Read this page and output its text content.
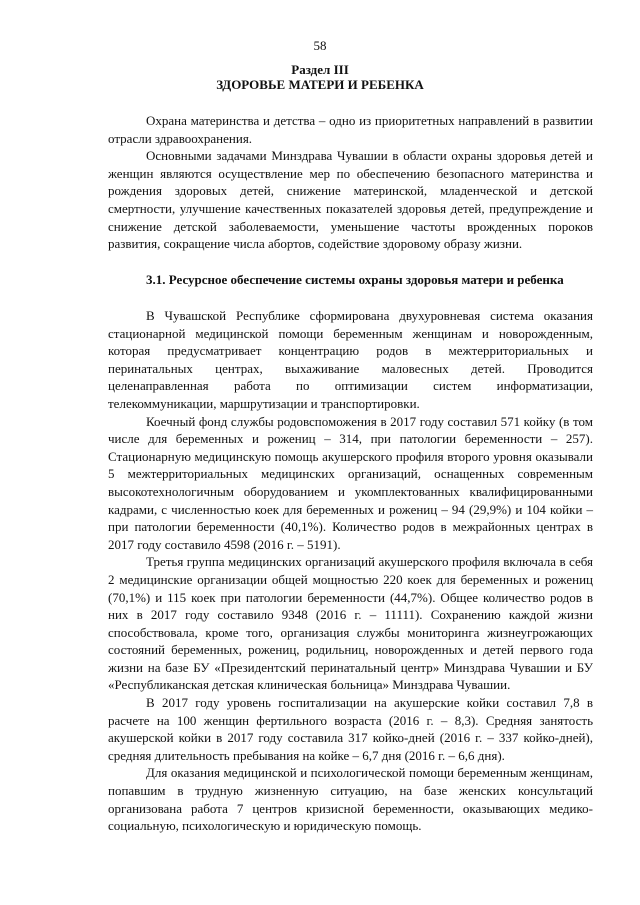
58
Раздел III
ЗДОРОВЬЕ МАТЕРИ И РЕБЕНКА

Охрана материнства и детства – одно из приоритетных направлений в развитии отрасли здравоохранения.

Основными задачами Минздрава Чувашии в области охраны здоровья детей и женщин являются осуществление мер по обеспечению безопасного материнства и рождения здоровых детей, снижение материнской, младенческой и детской смертности, улучшение качественных показателей здоровья детей, предупреждение и снижение детской заболеваемости, уменьшение частоты врожденных пороков развития, сокращение числа абортов, содействие здоровому образу жизни.

3.1. Ресурсное обеспечение системы охраны здоровья матери и ребенка

В Чувашской Республике сформирована двухуровневая система оказания стационарной медицинской помощи беременным женщинам и новорожденным, которая предусматривает концентрацию родов в межтерриториальных и перинатальных центрах, выхаживание маловесных детей. Проводится целенаправленная работа по оптимизации систем информатизации, телекоммуникации, маршрутизации и транспортировки.

Коечный фонд службы родовспоможения в 2017 году составил 571 койку (в том числе для беременных и рожениц – 314, при патологии беременности – 257). Стационарную медицинскую помощь акушерского профиля второго уровня оказывали 5 межтерриториальных медицинских организаций, оснащенных современным высокотехнологичным оборудованием и укомплектованных квалифицированными кадрами, с численностью коек для беременных и рожениц – 94 (29,9%) и 104 койки – при патологии беременности (40,1%). Количество родов в межрайонных центрах в 2017 году составило 4598 (2016 г. – 5191).

Третья группа медицинских организаций акушерского профиля включала в себя 2 медицинские организации общей мощностью 220 коек для беременных и рожениц (70,1%) и 115 коек при патологии беременности (44,7%). Общее количество родов в них в 2017 году составило 9348 (2016 г. – 11111). Сохранению каждой жизни способствовала, кроме того, организация службы мониторинга жизнеугрожающих состояний беременных, рожениц, родильниц, новорожденных и детей первого года жизни на базе БУ «Президентский перинатальный центр» Минздрава Чувашии и БУ «Республиканская детская клиническая больница» Минздрава Чувашии.

В 2017 году уровень госпитализации на акушерские койки составил 7,8 в расчете на 100 женщин фертильного возраста (2016 г. – 8,3). Средняя занятость акушерской койки в 2017 году составила 317 койко-дней (2016 г. – 337 койко-дней), средняя длительность пребывания на койке – 6,7 дня (2016 г. – 6,6 дня).

Для оказания медицинской и психологической помощи беременным женщинам, попавшим в трудную жизненную ситуацию, на базе женских консультаций организована работа 7 центров кризисной беременности, оказывающих медико-социальную, психологическую и юридическую помощь.
